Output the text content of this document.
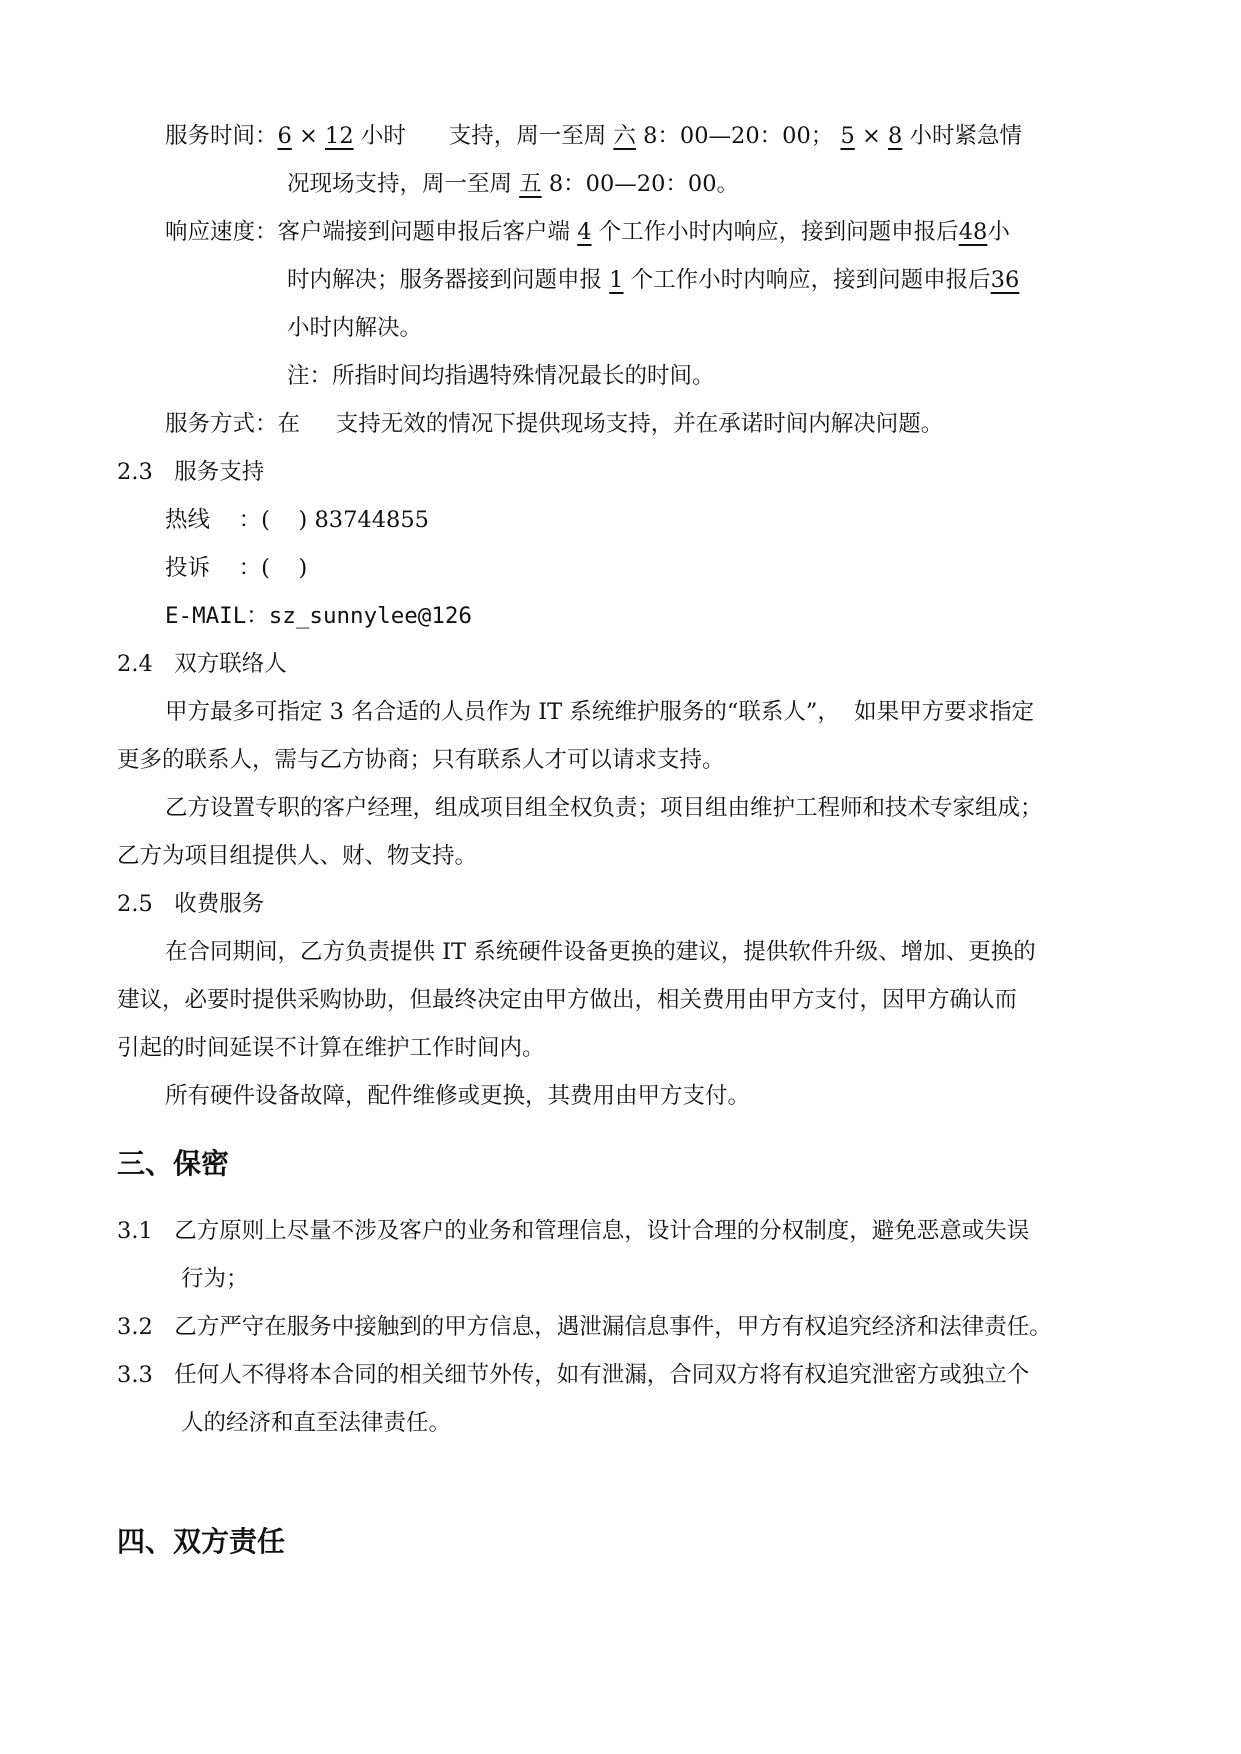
服务时间：6 × 12 小时 支持，周一至周 六 8：00—20：00； 5 × 8 小时紧急情
况现场支持，周一至周 五 8：00—20：00。
响应速度：客户端接到问题申报后客户端 4 个工作小时内响应，接到问题申报后48小
时内解决；服务器接到问题申报 1 个工作小时内响应，接到问题申报后36
小时内解决。
注：所指时间均指遇特殊情况最长的时间。
服务方式：在 支持无效的情况下提供现场支持，并在承诺时间内解决问题。
2.3 服务支持
热线 ：(    ) 83744855
投诉 ：(    )
E-MAIL：sz_sunnylee@126
2.4 双方联络人
甲方最多可指定 3 名合适的人员作为 IT 系统维护服务的“联系人”，  如果甲方要求指定
更多的联系人，需与乙方协商；只有联系人才可以请求支持。
乙方设置专职的客户经理，组成项目组全权负责；项目组由维护工程师和技术专家组成；
乙方为项目组提供人、财、物支持。
2.5 收费服务
在合同期间，乙方负责提供 IT 系统硬件设备更换的建议，提供软件升级、增加、更换的
建议，必要时提供采购协助，但最终决定由甲方做出，相关费用由甲方支付，因甲方确认而
引起的时间延误不计算在维护工作时间内。
所有硬件设备故障，配件维修或更换，其费用由甲方支付。
三、保密
3.1 乙方原则上尽量不涉及客户的业务和管理信息，设计合理的分权制度，避免恶意或失误
行为；
3.2 乙方严守在服务中接触到的甲方信息，遇泄漏信息事件，甲方有权追究经济和法律责任。
3.3 任何人不得将本合同的相关细节外传，如有泄漏，合同双方将有权追究泄密方或独立个
人的经济和直至法律责任。
四、双方责任
